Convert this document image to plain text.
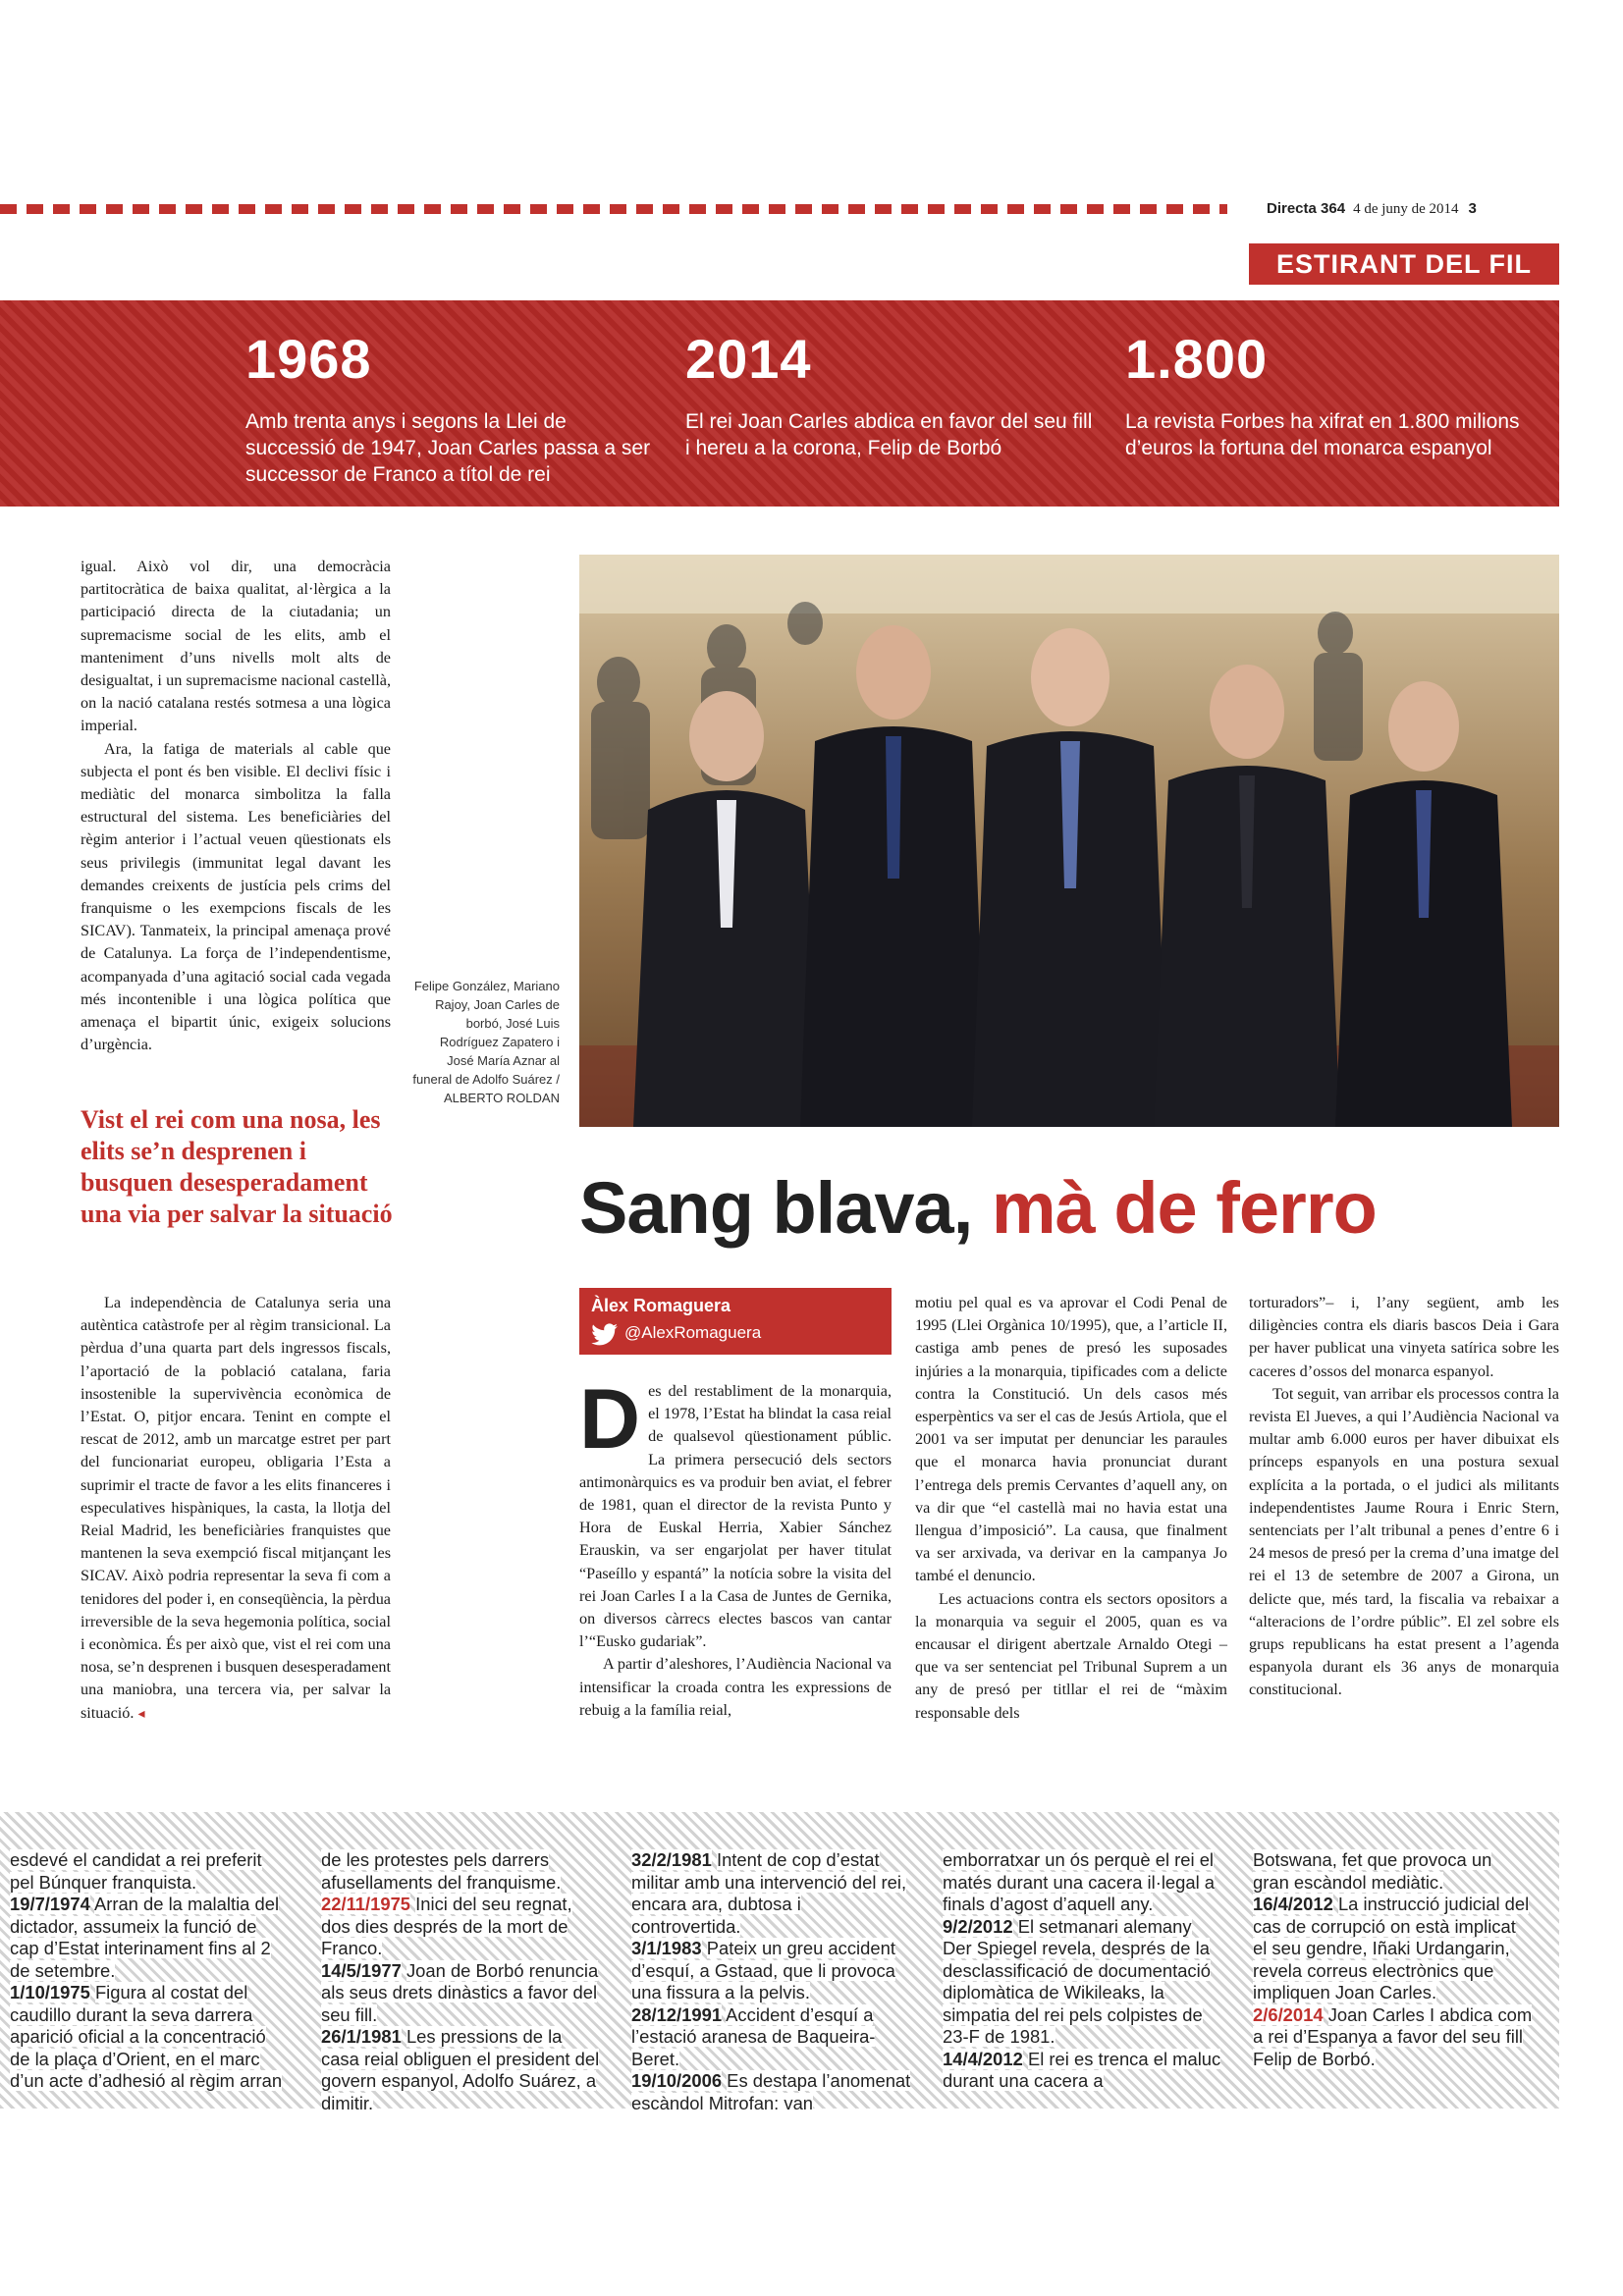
Directa 364 4 de juny de 2014 3
ESTIRANT DEL FIL
1968
Amb trenta anys i segons la Llei de successió de 1947, Joan Carles passa a ser successor de Franco a títol de rei
2014
El rei Joan Carles abdica en favor del seu fill i hereu a la corona, Felip de Borbó
1.800
La revista Forbes ha xifrat en 1.800 milions d’euros la fortuna del monarca espanyol

igual. Això vol dir, una democràcia partitocràtica de baixa qualitat, al·lèrgica a la participació directa de la ciutadania; un supremacisme social de les elits, amb el manteniment d’uns nivells molt alts de desigualtat, i un supremacisme nacional castellà, on la nació catalana restés sotmesa a una lògica imperial.

Ara, la fatiga de materials al cable que subjecta el pont és ben visible. El declivi físic i mediàtic del monarca simbolitza la falla estructural del sistema. Les beneficiàries del règim anterior i l’actual veuen qüestionats els seus privilegis (immunitat legal davant les demandes creixents de justícia pels crims del franquisme o les exempcions fiscals de les SICAV). Tanmateix, la principal amenaça prové de Catalunya. La força de l’independentisme, acompanyada d’una agitació social cada vegada més incontenible i una lògica política que amenaça el bipartit únic, exigeix solucions d’urgència.

Vist el rei com una nosa, les elits se’n desprenen i busquen desesperadament una via per salvar la situació

La independència de Catalunya seria una autèntica catàstrofe per al règim transicional. La pèrdua d’una quarta part dels ingressos fiscals, l’aportació de la població catalana, faria insostenible la supervivència econòmica de l’Estat. O, pitjor encara. Tenint en compte el rescat de 2012, amb un marcatge estret per part del funcionariat europeu, obligaria l’Esta a suprimir el tracte de favor a les elits financeres i especulatives hispàniques, la casta, la llotja del Reial Madrid, les beneficiàries franquistes que mantenen la seva exempció fiscal mitjançant les SICAV. Això podria representar la seva fi com a tenidores del poder i, en conseqüència, la pèrdua irreversible de la seva hegemonia política, social i econòmica. És per això que, vist el rei com una nosa, se’n desprenen i busquen desesperadament una maniobra, una tercera via, per salvar la situació. ◂

Felipe González, Mariano Rajoy, Joan Carles de borbó, José Luis Rodríguez Zapatero i José María Aznar al funeral de Adolfo Suárez / ALBERTO ROLDAN
Sang blava, mà de ferro
Àlex Romaguera
@AlexRomaguera

Des del restabliment de la monarquia, el 1978, l’Estat ha blindat la casa reial de qualsevol qüestionament públic. La primera persecució dels sectors antimonàrquics es va produir ben aviat, el febrer de 1981, quan el director de la revista Punto y Hora de Euskal Herria, Xabier Sánchez Erauskin, va ser engarjolat per haver titulat “Paseíllo y espantá” la notícia sobre la visita del rei Joan Carles I a la Casa de Juntes de Gernika, on diversos càrrecs electes bascos van cantar l’“Eusko gudariak”.

A partir d’aleshores, l’Audiència Nacional va intensificar la croada contra les expressions de rebuig a la família reial,

motiu pel qual es va aprovar el Codi Penal de 1995 (Llei Orgànica 10/1995), que, a l’article II, castiga amb penes de presó les suposades injúries a la monarquia, tipificades com a delicte contra la Constitució. Un dels casos més esperpèntics va ser el cas de Jesús Artiola, que el 2001 va ser imputat per denunciar les paraules que el monarca havia pronunciat durant l’entrega dels premis Cervantes d’aquell any, on va dir que “el castellà mai no havia estat una llengua d’imposició”. La causa, que finalment va ser arxivada, va derivar en la campanya Jo també el denuncio.

Les actuacions contra els sectors opositors a la monarquia va seguir el 2005, quan es va encausar el dirigent abertzale Arnaldo Otegi –que va ser sentenciat pel Tribunal Suprem a un any de presó per titllar el rei de “màxim responsable dels

torturadors”– i, l’any següent, amb les diligències contra els diaris bascos Deia i Gara per haver publicat una vinyeta satírica sobre les caceres d’ossos del monarca espanyol.

Tot seguit, van arribar els processos contra la revista El Jueves, a qui l’Audiència Nacional va multar amb 6.000 euros per haver dibuixat els prínceps espanyols en una postura sexual explícita a la portada, o el judici als militants independentistes Jaume Roura i Enric Stern, sentenciats per l’alt tribunal a penes d’entre 6 i 24 mesos de presó per la crema d’una imatge del rei el 13 de setembre de 2007 a Girona, un delicte que, més tard, la fiscalia va rebaixar a “alteracions de l’ordre públic”. El zel sobre els grups republicans ha estat present a l’agenda espanyola durant els 36 anys de monarquia constitucional.

esdevé el candidat a rei preferit pel Búnquer franquista.

19/7/1974 Arran de la malaltia del dictador, assumeix la funció de cap d’Estat interinament fins al 2 de setembre.

1/10/1975 Figura al costat del caudillo durant la seva darrera aparició oficial a la concentració de la plaça d’Orient, en el marc d’un acte d’adhesió al règim arran

de les protestes pels darrers afusellaments del franquisme.

22/11/1975 Inici del seu regnat, dos dies després de la mort de Franco.

14/5/1977 Joan de Borbó renuncia als seus drets dinàstics a favor del seu fill.

26/1/1981 Les pressions de la casa reial obliguen el president del govern espanyol, Adolfo Suárez, a dimitir.

32/2/1981 Intent de cop d’estat militar amb una intervenció del rei, encara ara, dubtosa i controvertida.

3/1/1983 Pateix un greu accident d’esquí, a Gstaad, que li provoca una fissura a la pelvis.

28/12/1991 Accident d’esquí a l’estació aranesa de Baqueira-Beret.

19/10/2006 Es destapa l’anomenat escàndol Mitrofan: van

emborratxar un ós perquè el rei el matés durant una cacera il·legal a finals d’agost d’aquell any.

9/2/2012 El setmanari alemany Der Spiegel revela, després de la desclassificació de documentació diplomàtica de Wikileaks, la simpatia del rei pels colpistes de 23-F de 1981.

14/4/2012 El rei es trenca el maluc durant una cacera a

Botswana, fet que provoca un gran escàndol mediàtic.

16/4/2012 La instrucció judicial del cas de corrupció on està implicat el seu gendre, Iñaki Urdangarin, revela correus electrònics que impliquen Joan Carles.

2/6/2014 Joan Carles I abdica com a rei d’Espanya a favor del seu fill Felip de Borbó.
